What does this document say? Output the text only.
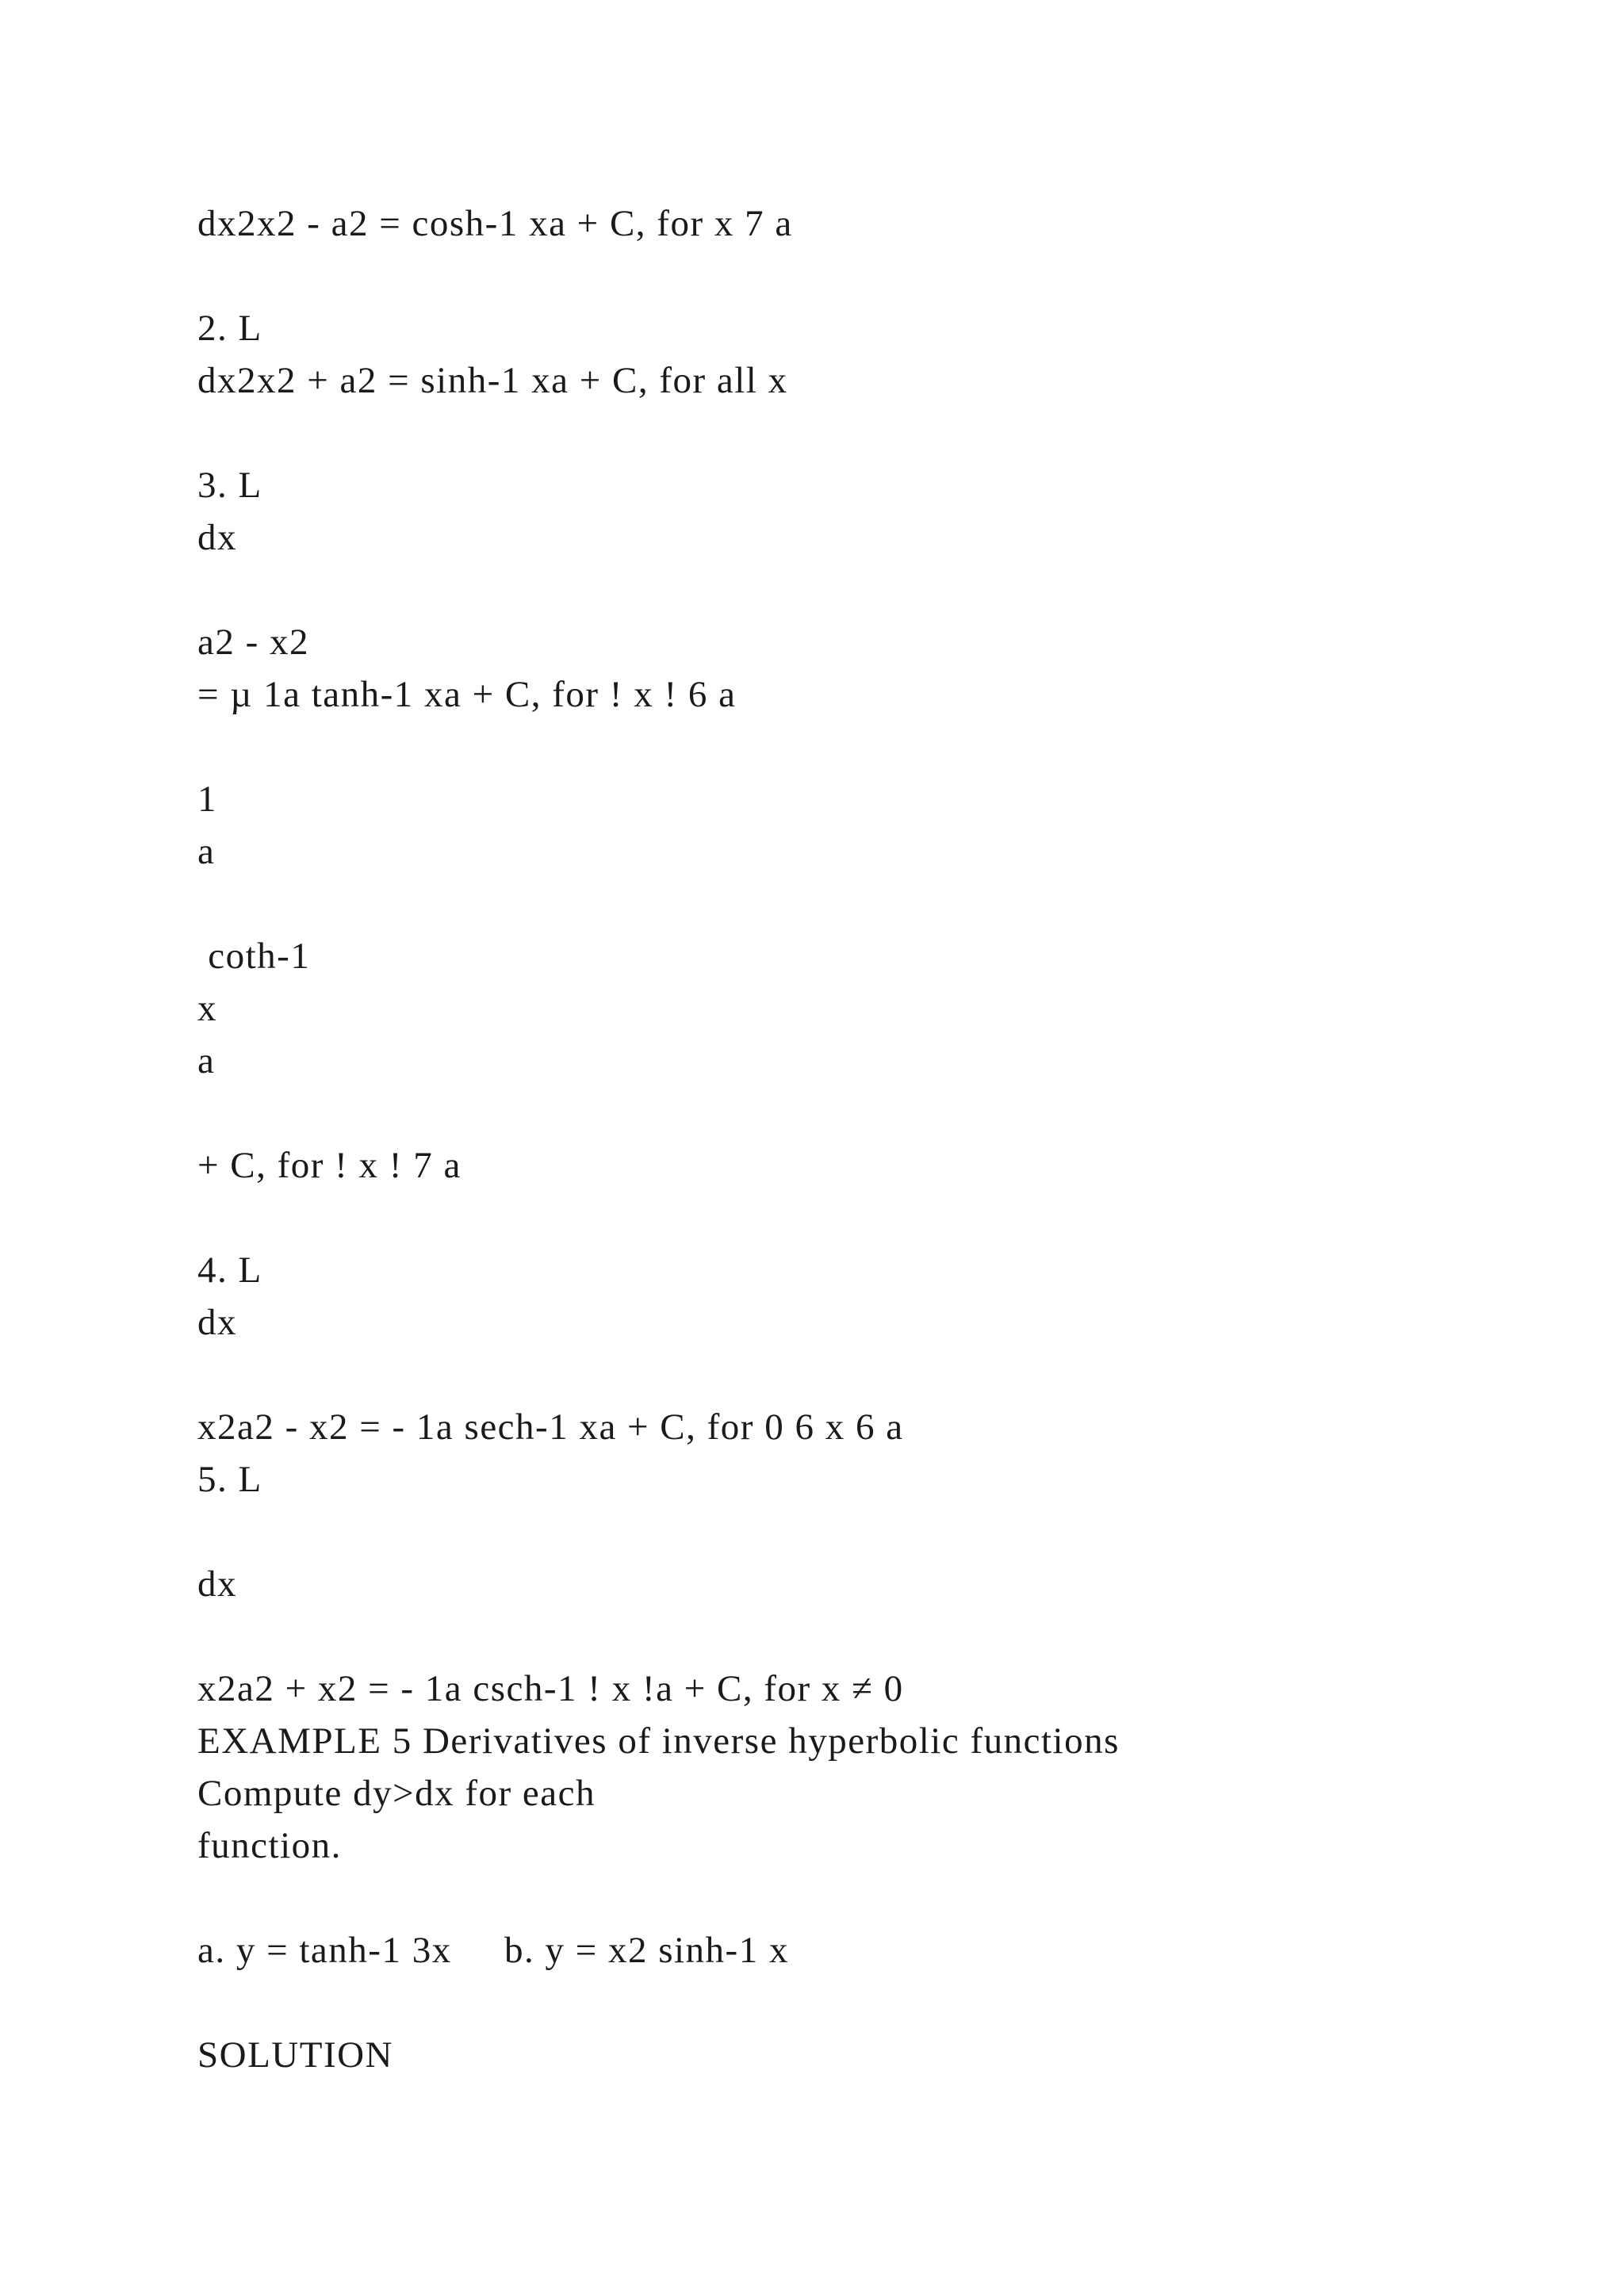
dx2x2 - a2 = cosh-1 xa + C, for x 7 a
2. L
dx2x2 + a2 = sinh-1 xa + C, for all x
3. L
dx
a2 - x2
= µ 1a tanh-1 xa + C, for ! x ! 6 a
1
a
coth-1
x
a
+ C, for ! x ! 7 a
4. L
dx
x2a2 - x2 = - 1a sech-1 xa + C, for 0 6 x 6 a
5. L
dx
x2a2 + x2 = - 1a csch-1 ! x !a + C, for x ≠ 0
EXAMPLE 5 Derivatives of inverse hyperbolic functions
Compute dy>dx for each
function.
a. y = tanh-1 3x     b. y = x2 sinh-1 x
SOLUTION
